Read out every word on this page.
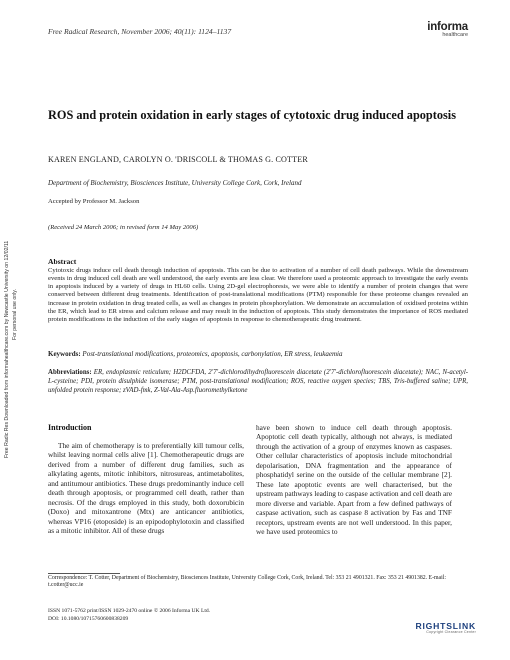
Free Radical Research, November 2006; 40(11): 1124–1137	informa
healthcare
Free Radic Res Downloaded from informahealthcare.com by Newcastle University on 12/02/11 For personal use only.
ROS and protein oxidation in early stages of cytotoxic drug induced apoptosis
KAREN ENGLAND, CAROLYN O. 'DRISCOLL & THOMAS G. COTTER
Department of Biochemistry, Biosciences Institute, University College Cork, Cork, Ireland
Accepted by Professor M. Jackson
(Received 24 March 2006; in revised form 14 May 2006)
Abstract
Cytotoxic drugs induce cell death through induction of apoptosis. This can be due to activation of a number of cell death pathways. While the downstream events in drug induced cell death are well understood, the early events are less clear. We therefore used a proteomic approach to investigate the early events in apoptosis induced by a variety of drugs in HL60 cells. Using 2D-gel electrophoresis, we were able to identify a number of protein changes that were conserved between different drug treatments. Identification of post-translational modifications (PTM) responsible for these proteome changes revealed an increase in protein oxidation in drug treated cells, as well as changes in protein phosphorylation. We demonstrate an accumulation of oxidised proteins within the ER, which lead to ER stress and calcium release and may result in the induction of apoptosis. This study demonstrates the importance of ROS mediated protein modifications in the induction of the early stages of apoptosis in response to chemotherapeutic drug treatment.
Keywords: Post-translational modifications, proteomics, apoptosis, carbonylation, ER stress, leukaemia
Abbreviations: ER, endoplasmic reticulum; H2DCFDA, 2'7'-dichlorodihydrofluorescein diacetate (2'7'-dichlorofluorescein diacetate); NAC, N-acetyl-L-cysteine; PDI, protein disulphide isomerase; PTM, post-translational modification; ROS, reactive oxygen species; TBS, Tris-buffered saline; UPR, unfolded protein response; zVAD-fmk, Z-Val-Ala-Asp.fluoromethylketone
Introduction
The aim of chemotherapy is to preferentially kill tumour cells, whilst leaving normal cells alive [1]. Chemotherapeutic drugs are derived from a number of different drug families, such as alkylating agents, mitotic inhibitors, nitrosureas, antimetabolites, and antitumour antibiotics. These drugs predominantly induce cell death through apoptosis, or programmed cell death, rather than necrosis. Of the drugs employed in this study, both doxorubicin (Doxo) and mitoxantrone (Mtx) are anticancer antibiotics, whereas VP16 (etoposide) is an epipodophylotoxin and classified as a mitotic inhibitor. All of these drugs
have been shown to induce cell death through apoptosis. Apoptotic cell death typically, although not always, is mediated through the activation of a group of enzymes known as caspases. Other cellular characteristics of apoptosis include mitochondrial depolarisation, DNA fragmentation and the appearance of phosphatidyl serine on the outside of the cellular membrane [2]. These late apoptotic events are well characterised, but the upstream pathways leading to caspase activation and cell death are more diverse and variable. Apart from a few defined pathways of caspase activation, such as caspase 8 activation by Fas and TNF receptors, upstream events are not well understood. In this paper, we have used proteomics to
Correspondence: T. Cotter, Department of Biochemistry, Biosciences Institute, University College Cork, Cork, Ireland. Tel: 353 21 4901321. Fax: 353 21 4901382. E-mail: t.cotter@ucc.ie
ISSN 1071-5762 print/ISSN 1029-2470 online © 2006 Informa UK Ltd.
DOI: 10.1080/10715760600838209
RIGHTSLINK
Copyright Clearance Center
